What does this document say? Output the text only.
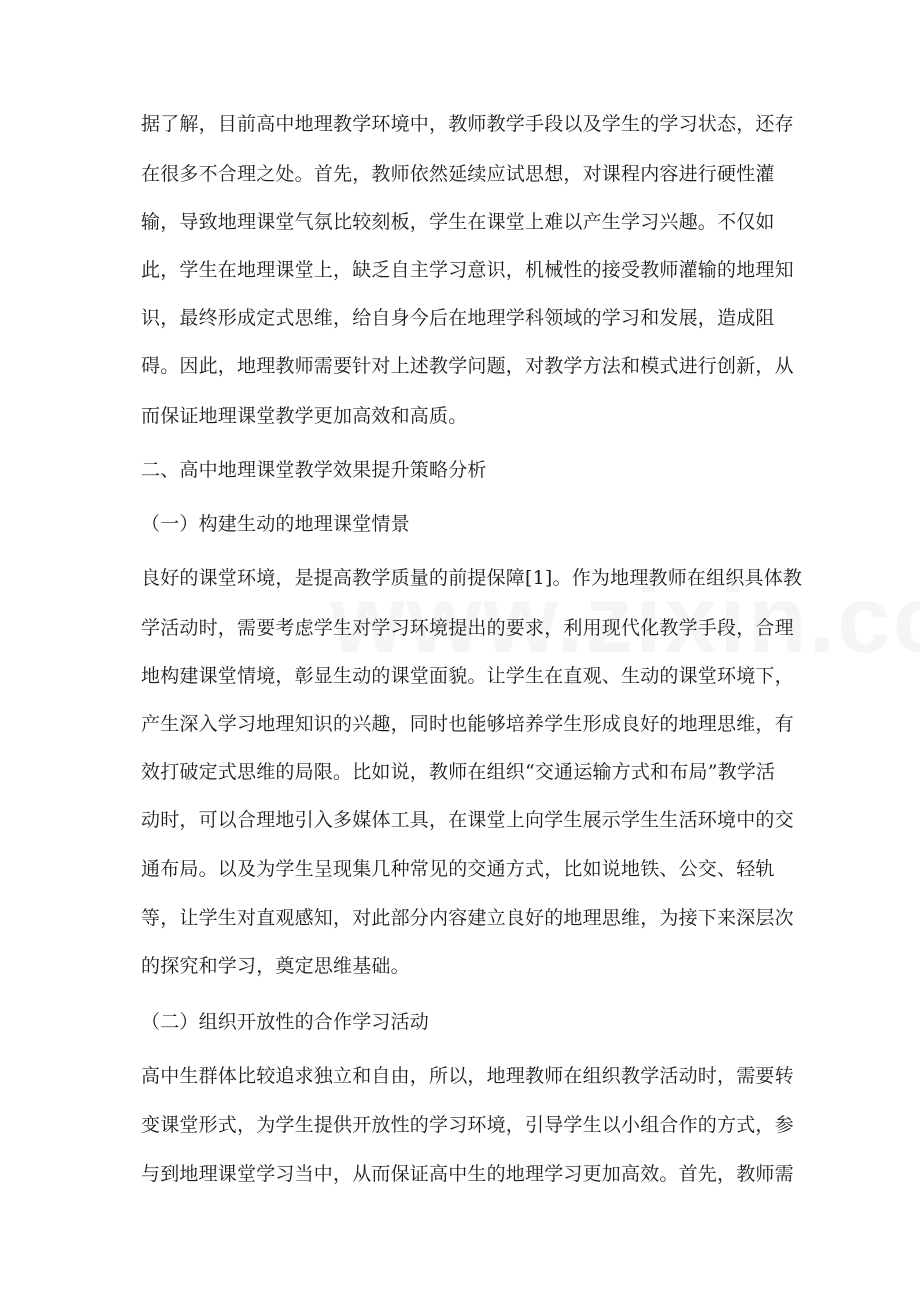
据了解，目前高中地理教学环境中，教师教学手段以及学生的学习状态，还存
在很多不合理之处。首先，教师依然延续应试思想，对课程内容进行硬性灌
输，导致地理课堂气氛比较刻板，学生在课堂上难以产生学习兴趣。不仅如
此，学生在地理课堂上，缺乏自主学习意识，机械性的接受教师灌输的地理知
识，最终形成定式思维，给自身今后在地理学科领域的学习和发展，造成阻
碍。因此，地理教师需要针对上述教学问题，对教学方法和模式进行创新，从
而保证地理课堂教学更加高效和高质。
二、高中地理课堂教学效果提升策略分析
（一）构建生动的地理课堂情景
良好的课堂环境，是提高教学质量的前提保障[1]。作为地理教师在组织具体教
学活动时，需要考虑学生对学习环境提出的要求，利用现代化教学手段，合理
地构建课堂情境，彰显生动的课堂面貌。让学生在直观、生动的课堂环境下，
产生深入学习地理知识的兴趣，同时也能够培养学生形成良好的地理思维，有
效打破定式思维的局限。比如说，教师在组织“交通运输方式和布局”教学活
动时，可以合理地引入多媒体工具，在课堂上向学生展示学生生活环境中的交
通布局。以及为学生呈现集几种常见的交通方式，比如说地铁、公交、轻轨
等，让学生对直观感知，对此部分内容建立良好的地理思维，为接下来深层次
的探究和学习，奠定思维基础。
（二）组织开放性的合作学习活动
高中生群体比较追求独立和自由，所以，地理教师在组织教学活动时，需要转
变课堂形式，为学生提供开放性的学习环境，引导学生以小组合作的方式，参
与到地理课堂学习当中，从而保证高中生的地理学习更加高效。首先，教师需
